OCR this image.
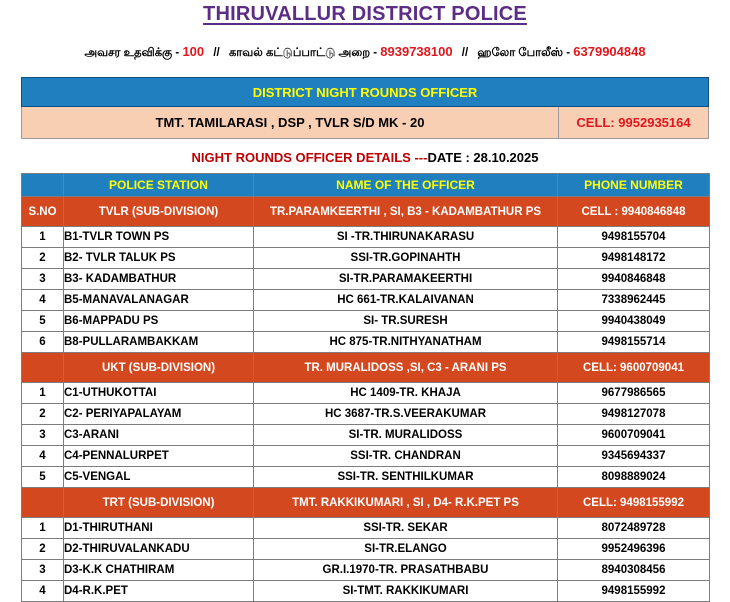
THIRUVALLUR DISTRICT POLICE
அவசர உதவிக்கு - 100 // காவல் கட்டுப்பாட்டு அறை - 8939738100 // ஹலோ போலீஸ் - 6379904848
DISTRICT NIGHT ROUNDS OFFICER
TMT. TAMILARASI , DSP , TVLR S/D MK - 20	CELL: 9952935164
NIGHT ROUNDS OFFICER DETAILS ---DATE : 28.10.2025
	POLICE STATION	NAME OF THE OFFICER	PHONE NUMBER
S.NO	TVLR (SUB-DIVISION)	TR.PARAMKEERTHI , SI, B3 - KADAMBATHUR PS	CELL : 9940846848
1	B1-TVLR TOWN PS	SI -TR.THIRUNAKARASU	9498155704
2	B2- TVLR TALUK PS	SSI-TR.GOPINAHTH	9498148172
3	B3- KADAMBATHUR	SI-TR.PARAMAKEERTHI	9940846848
4	B5-MANAVALANAGAR	HC 661-TR.KALAIVANAN	7338962445
5	B6-MAPPADU PS	SI- TR.SURESH	9940438049
6	B8-PULLARAMBAKKAM	HC 875-TR.NITHYANATHAM	9498155714
	UKT (SUB-DIVISION)	TR. MURALIDOSS ,SI, C3 - ARANI PS	CELL: 9600709041
1	C1-UTHUKOTTAI	HC 1409-TR. KHAJA	9677986565
2	C2- PERIYAPALAYAM	HC 3687-TR.S.VEERAKUMAR	9498127078
3	C3-ARANI	SI-TR. MURALIDOSS	9600709041
4	C4-PENNALURPET	SSI-TR. CHANDRAN	9345694337
5	C5-VENGAL	SSI-TR. SENTHILKUMAR	8098889024
	TRT (SUB-DIVISION)	TMT. RAKKIKUMARI , SI , D4- R.K.PET PS	CELL: 9498155992
1	D1-THIRUTHANI	SSI-TR. SEKAR	8072489728
2	D2-THIRUVALANKADU	SI-TR.ELANGO	9952496396
3	D3-K.K CHATHIRAM	GR.I.1970-TR. PRASATHBABU	8940308456
4	D4-R.K.PET	SI-TMT. RAKKIKUMARI	9498155992
